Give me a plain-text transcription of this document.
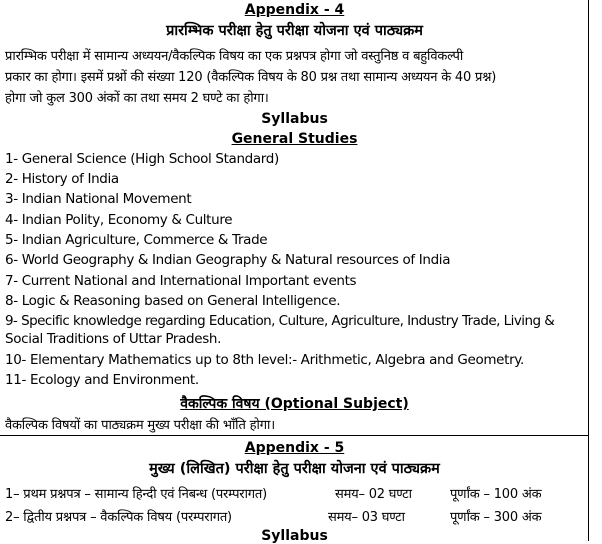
Appendix - 4
प्रारम्भिक परीक्षा हेतु परीक्षा योजना एवं पाठ्यक्रम
प्रारम्भिक परीक्षा में सामान्य अध्ययन/वैकल्पिक विषय का एक प्रश्नपत्र होगा जो वस्तुनिष्ठ व बहुविकल्पी
प्रकार का होगा। इसमें प्रश्नों की संख्या 120 (वैकल्पिक विषय के 80 प्रश्न तथा सामान्य अध्ययन के 40 प्रश्न)
होगा जो कुल 300 अंकों का तथा समय 2 घण्टे का होगा।
Syllabus
General Studies
1- General Science (High School Standard)
2- History of India
3- Indian National Movement
4- Indian Polity, Economy & Culture
5- Indian Agriculture, Commerce & Trade
6- World Geography & Indian Geography & Natural resources of India
7- Current National and International Important events
8- Logic & Reasoning based on General Intelligence.
9- Specific knowledge regarding Education, Culture, Agriculture, Industry Trade, Living &
Social Traditions of Uttar Pradesh.
10- Elementary Mathematics up to 8th level:- Arithmetic, Algebra and Geometry.
11- Ecology and Environment.
वैकल्पिक विषय (Optional Subject)
वैकल्पिक विषयों का पाठ्यक्रम मुख्य परीक्षा की भाँति होगा।
Appendix - 5
मुख्य (लिखित) परीक्षा हेतु परीक्षा योजना एवं पाठ्यक्रम
1– प्रथम प्रश्नपत्र – सामान्य हिन्दी एवं निबन्ध (परम्परागत)	समय– 02 घण्टा	पूर्णांक – 100 अंक
2– द्वितीय प्रश्नपत्र – वैकल्पिक विषय (परम्परागत)	समय– 03 घण्टा	पूर्णांक – 300 अंक
Syllabus
